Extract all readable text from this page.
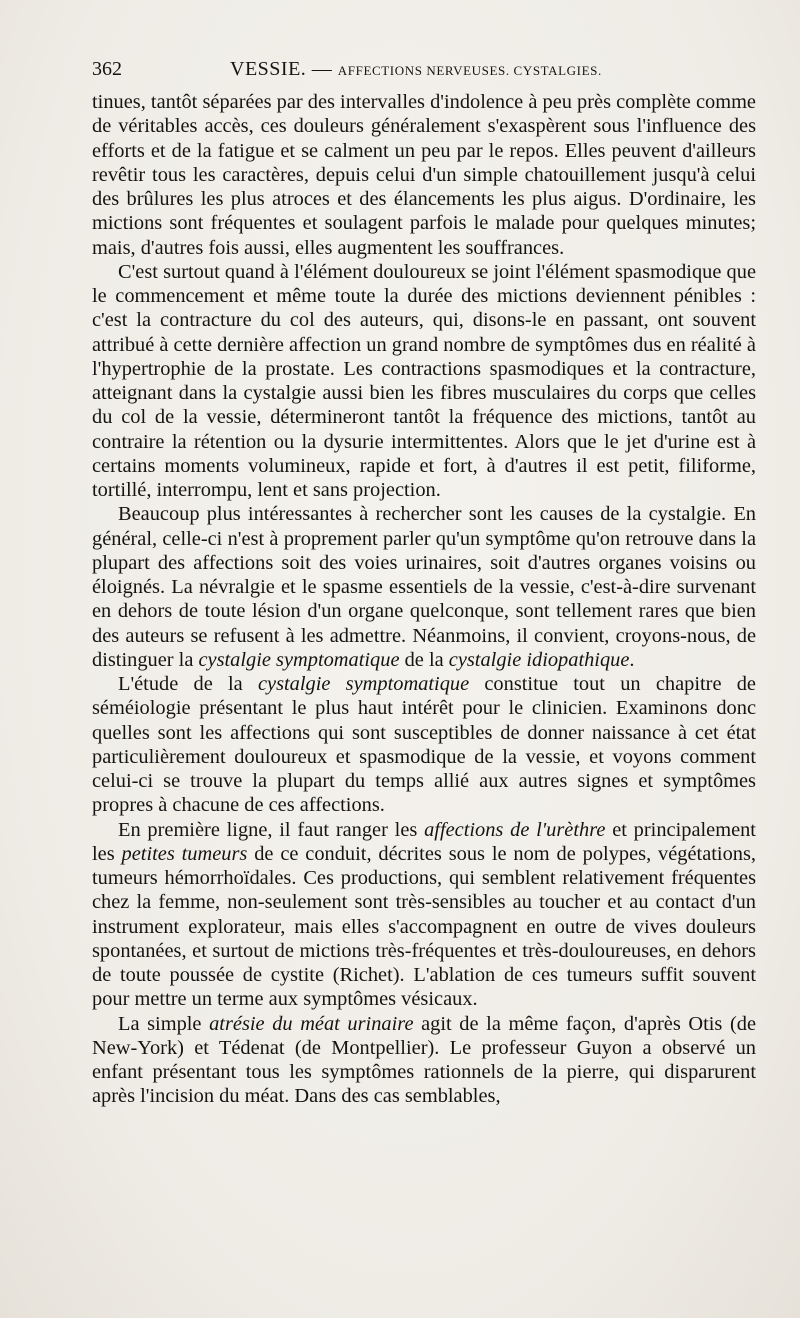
362	VESSIE. — AFFECTIONS NERVEUSES. CYSTALGIES.

tinues, tantôt séparées par des intervalles d'indolence à peu près complète comme de véritables accès, ces douleurs généralement s'exaspèrent sous l'influence des efforts et de la fatigue et se calment un peu par le repos. Elles peuvent d'ailleurs revêtir tous les caractères, depuis celui d'un simple chatouillement jusqu'à celui des brûlures les plus atroces et des élancements les plus aigus. D'ordinaire, les mictions sont fréquentes et soulagent parfois le malade pour quelques minutes; mais, d'autres fois aussi, elles augmentent les souffrances.

C'est surtout quand à l'élément douloureux se joint l'élément spasmodique que le commencement et même toute la durée des mictions deviennent pénibles : c'est la contracture du col des auteurs, qui, disons-le en passant, ont souvent attribué à cette dernière affection un grand nombre de symptômes dus en réalité à l'hypertrophie de la prostate. Les contractions spasmodiques et la contracture, atteignant dans la cystalgie aussi bien les fibres musculaires du corps que celles du col de la vessie, détermineront tantôt la fréquence des mictions, tantôt au contraire la rétention ou la dysurie intermittentes. Alors que le jet d'urine est à certains moments volumineux, rapide et fort, à d'autres il est petit, filiforme, tortillé, interrompu, lent et sans projection.

Beaucoup plus intéressantes à rechercher sont les causes de la cystalgie. En général, celle-ci n'est à proprement parler qu'un symptôme qu'on retrouve dans la plupart des affections soit des voies urinaires, soit d'autres organes voisins ou éloignés. La névralgie et le spasme essentiels de la vessie, c'est-à-dire survenant en dehors de toute lésion d'un organe quelconque, sont tellement rares que bien des auteurs se refusent à les admettre. Néanmoins, il convient, croyons-nous, de distinguer la cystalgie symptomatique de la cystalgie idiopathique.

L'étude de la cystalgie symptomatique constitue tout un chapitre de séméiologie présentant le plus haut intérêt pour le clinicien. Examinons donc quelles sont les affections qui sont susceptibles de donner naissance à cet état particulièrement douloureux et spasmodique de la vessie, et voyons comment celui-ci se trouve la plupart du temps allié aux autres signes et symptômes propres à chacune de ces affections.

En première ligne, il faut ranger les affections de l'urèthre et principalement les petites tumeurs de ce conduit, décrites sous le nom de polypes, végétations, tumeurs hémorrhoïdales. Ces productions, qui semblent relativement fréquentes chez la femme, non-seulement sont très-sensibles au toucher et au contact d'un instrument explorateur, mais elles s'accompagnent en outre de vives douleurs spontanées, et surtout de mictions très-fréquentes et très-douloureuses, en dehors de toute poussée de cystite (Richet). L'ablation de ces tumeurs suffit souvent pour mettre un terme aux symptômes vésicaux.

La simple atrésie du méat urinaire agit de la même façon, d'après Otis (de New-York) et Tédenat (de Montpellier). Le professeur Guyon a observé un enfant présentant tous les symptômes rationnels de la pierre, qui disparurent après l'incision du méat. Dans des cas semblables,
